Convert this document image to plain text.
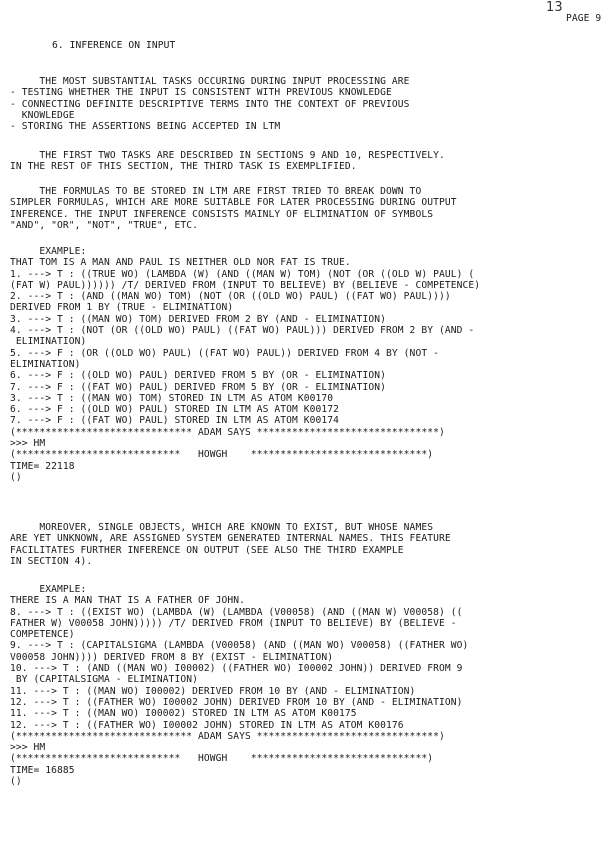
13
PAGE 9
6. INFERENCE ON INPUT
THE MOST SUBSTANTIAL TASKS OCCURING DURING INPUT PROCESSING ARE
- TESTING WHETHER THE INPUT IS CONSISTENT WITH PREVIOUS KNOWLEDGE
- CONNECTING DEFINITE DESCRIPTIVE TERMS INTO THE CONTEXT OF PREVIOUS
KNOWLEDGE
- STORING THE ASSERTIONS BEING ACCEPTED IN LTM
THE FIRST TWO TASKS ARE DESCRIBED IN SECTIONS 9 AND 10, RESPECTIVELY.
IN THE REST OF THIS SECTION, THE THIRD TASK IS EXEMPLIFIED.
THE FORMULAS TO BE STORED IN LTM ARE FIRST TRIED TO BREAK DOWN TO
SIMPLER FORMULAS, WHICH ARE MORE SUITABLE FOR LATER PROCESSING DURING OUTPUT
INFERENCE. THE INPUT INFERENCE CONSISTS MAINLY OF ELIMINATION OF SYMBOLS
"AND", "OR", "NOT", "TRUE", ETC.
EXAMPLE:
THAT TOM IS A MAN AND PAUL IS NEITHER OLD NOR FAT IS TRUE.
1. ---> T : ((TRUE WO) (LAMBDA (W) (AND ((MAN W) TOM) (NOT (OR ((OLD W) PAUL) (
(FAT W) PAUL)))))) /T/ DERIVED FROM (INPUT TO BELIEVE) BY (BELIEVE - COMPETENCE)
2. ---> T : (AND ((MAN WO) TOM) (NOT (OR ((OLD WO) PAUL) ((FAT WO) PAUL))))
DERIVED FROM 1 BY (TRUE - ELIMINATION)
3. ---> T : ((MAN WO) TOM) DERIVED FROM 2 BY (AND - ELIMINATION)
4. ---> T : (NOT (OR ((OLD WO) PAUL) ((FAT WO) PAUL))) DERIVED FROM 2 BY (AND -
ELIMINATION)
5. ---> F : (OR ((OLD WO) PAUL) ((FAT WO) PAUL)) DERIVED FROM 4 BY (NOT -
ELIMINATION)
6. ---> F : ((OLD WO) PAUL) DERIVED FROM 5 BY (OR - ELIMINATION)
7. ---> F : ((FAT WO) PAUL) DERIVED FROM 5 BY (OR - ELIMINATION)
3. ---> T : ((MAN WO) TOM) STORED IN LTM AS ATOM K00170
6. ---> F : ((OLD WO) PAUL) STORED IN LTM AS ATOM K00172
7. ---> F : ((FAT WO) PAUL) STORED IN LTM AS ATOM K00174
(****************************** ADAM SAYS *******************************)
>>> HM
(****************************   HOWGH    ******************************)
TIME= 22118
()
MOREOVER, SINGLE OBJECTS, WHICH ARE KNOWN TO EXIST, BUT WHOSE NAMES
ARE YET UNKNOWN, ARE ASSIGNED SYSTEM GENERATED INTERNAL NAMES. THIS FEATURE
FACILITATES FURTHER INFERENCE ON OUTPUT (SEE ALSO THE THIRD EXAMPLE
IN SECTION 4).
EXAMPLE:
THERE IS A MAN THAT IS A FATHER OF JOHN.
8. ---> T : ((EXIST WO) (LAMBDA (W) (LAMBDA (V00058) (AND ((MAN W) V00058) ((
FATHER W) V00058 JOHN))))) /T/ DERIVED FROM (INPUT TO BELIEVE) BY (BELIEVE -
COMPETENCE)
9. ---> T : (CAPITALSIGMA (LAMBDA (V00058) (AND ((MAN WO) V00058) ((FATHER WO)
V00058 JOHN)))) DERIVED FROM 8 BY (EXIST - ELIMINATION)
10. ---> T : (AND ((MAN WO) I00002) ((FATHER WO) I00002 JOHN)) DERIVED FROM 9
BY (CAPITALSIGMA - ELIMINATION)
11. ---> T : ((MAN WO) I00002) DERIVED FROM 10 BY (AND - ELIMINATION)
12. ---> T : ((FATHER WO) I00002 JOHN) DERIVED FROM 10 BY (AND - ELIMINATION)
11. ---> T : ((MAN WO) I00002) STORED IN LTM AS ATOM K00175
12. ---> T : ((FATHER WO) I00002 JOHN) STORED IN LTM AS ATOM K00176
(****************************** ADAM SAYS *******************************)
>>> HM
(****************************   HOWGH    ******************************)
TIME= 16885
()
